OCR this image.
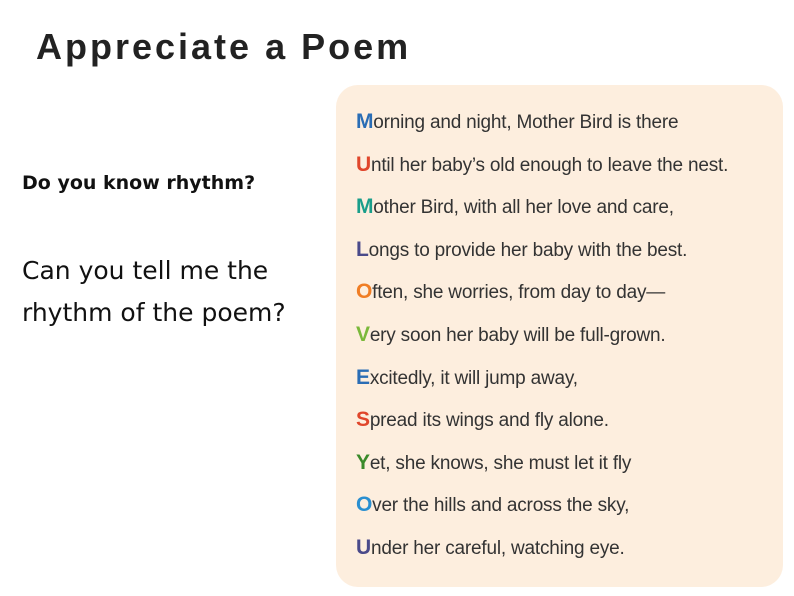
Appreciate a Poem
Do you know rhythm?
Can you tell me the rhythm of the poem?
Morning and night, Mother Bird is there
Until her baby’s old enough to leave the nest.
Mother Bird, with all her love and care,
Longs to provide her baby with the best.
Often, she worries, from day to day—
Very soon her baby will be full-grown.
Excitedly, it will jump away,
Spread its wings and fly alone.
Yet, she knows, she must let it fly
Over the hills and across the sky,
Under her careful, watching eye.
